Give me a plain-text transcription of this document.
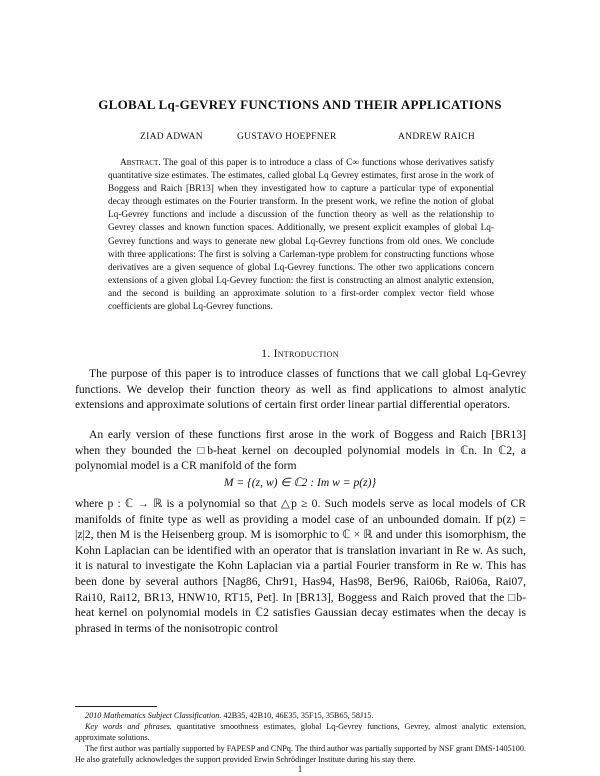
GLOBAL Lq-GEVREY FUNCTIONS AND THEIR APPLICATIONS
ZIAD ADWAN	GUSTAVO HOEPFNER	ANDREW RAICH
Abstract. The goal of this paper is to introduce a class of C∞ functions whose derivatives satisfy quantitative size estimates. The estimates, called global Lq Gevrey estimates, first arose in the work of Boggess and Raich [BR13] when they investigated how to capture a particular type of exponential decay through estimates on the Fourier transform. In the present work, we refine the notion of global Lq-Gevrey functions and include a discussion of the function theory as well as the relationship to Gevrey classes and known function spaces. Additionally, we present explicit examples of global Lq-Gevrey functions and ways to generate new global Lq-Gevrey functions from old ones. We conclude with three applications: The first is solving a Carleman-type problem for constructing functions whose derivatives are a given sequence of global Lq-Gevrey functions. The other two applications concern extensions of a given global Lq-Gevrey function: the first is constructing an almost analytic extension, and the second is building an approximate solution to a first-order complex vector field whose coefficients are global Lq-Gevrey functions.
1. Introduction
The purpose of this paper is to introduce classes of functions that we call global Lq-Gevrey functions. We develop their function theory as well as find applications to almost analytic extensions and approximate solutions of certain first order linear partial differential operators.
An early version of these functions first arose in the work of Boggess and Raich [BR13] when they bounded the □b-heat kernel on decoupled polynomial models in ℂn. In ℂ2, a polynomial model is a CR manifold of the form
M = {(z, w) ∈ ℂ2 : Im w = p(z)}
where p : ℂ → ℝ is a polynomial so that △p ≥ 0. Such models serve as local models of CR manifolds of finite type as well as providing a model case of an unbounded domain. If p(z) = |z|2, then M is the Heisenberg group. M is isomorphic to ℂ × ℝ and under this isomorphism, the Kohn Laplacian can be identified with an operator that is translation invariant in Re w. As such, it is natural to investigate the Kohn Laplacian via a partial Fourier transform in Re w. This has been done by several authors [Nag86, Chr91, Has94, Has98, Ber96, Rai06b, Rai06a, Rai07, Rai10, Rai12, BR13, HNW10, RT15, Pet]. In [BR13], Boggess and Raich proved that the □b-heat kernel on polynomial models in ℂ2 satisfies Gaussian decay estimates when the decay is phrased in terms of the nonisotropic control
2010 Mathematics Subject Classification. 42B35, 42B10, 46E35, 35F15, 35B65, 58J15.
Key words and phrases. quantitative smoothness estimates, global Lq-Gevrey functions, Gevrey, almost analytic extension, approximate solutions.
The first author was partially supported by FAPESP and CNPq. The third author was partially supported by NSF grant DMS-1405100. He also gratefully acknowledges the support provided Erwin Schrödinger Institute during his stay there.
1
